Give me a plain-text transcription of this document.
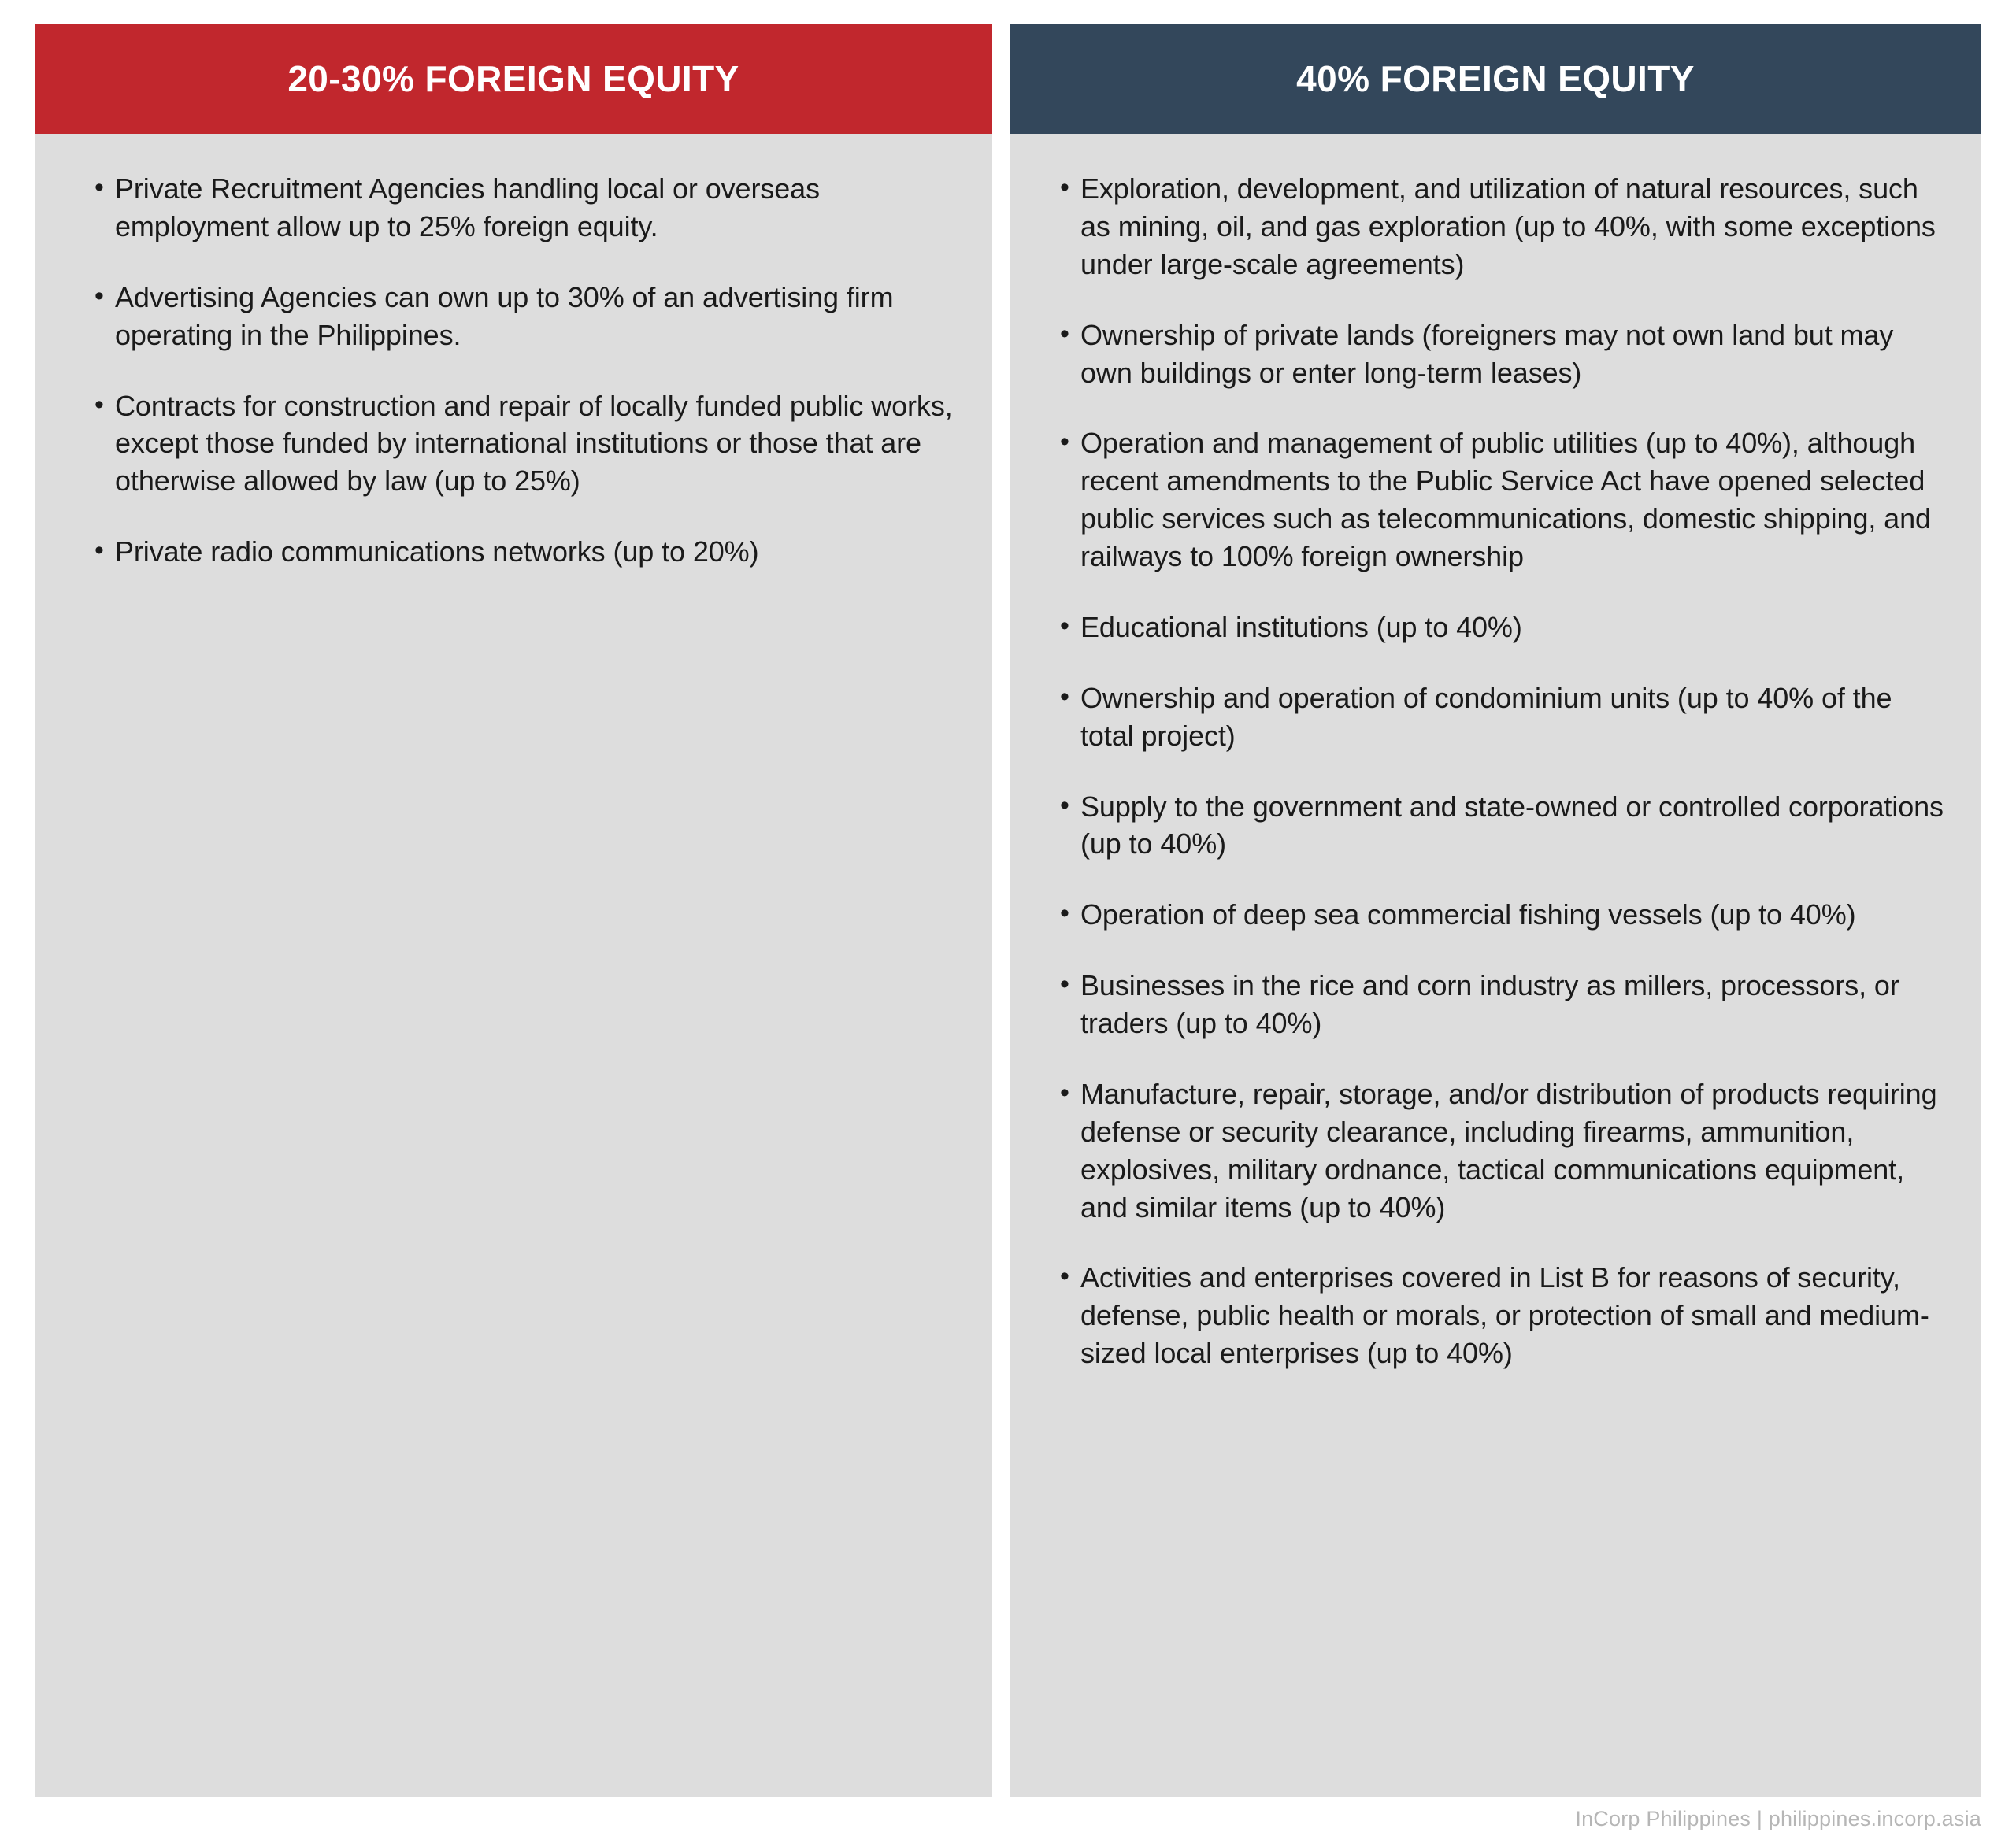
20-30% FOREIGN EQUITY
• Private Recruitment Agencies handling local or overseas employment allow up to 25% foreign equity.
• Advertising Agencies can own up to 30% of an advertising firm operating in the Philippines.
• Contracts for construction and repair of locally funded public works, except those funded by international institutions or those that are otherwise allowed by law (up to 25%)
• Private radio communications networks (up to 20%)
40% FOREIGN EQUITY
• Exploration, development, and utilization of natural resources, such as mining, oil, and gas exploration (up to 40%, with some exceptions under large-scale agreements)
• Ownership of private lands (foreigners may not own land but may own buildings or enter long-term leases)
• Operation and management of public utilities (up to 40%), although recent amendments to the Public Service Act have opened selected public services such as telecommunications, domestic shipping, and railways to 100% foreign ownership
• Educational institutions (up to 40%)
• Ownership and operation of condominium units (up to 40% of the total project)
• Supply to the government and state-owned or controlled corporations (up to 40%)
• Operation of deep sea commercial fishing vessels (up to 40%)
• Businesses in the rice and corn industry as millers, processors, or traders (up to 40%)
• Manufacture, repair, storage, and/or distribution of products requiring defense or security clearance, including firearms, ammunition, explosives, military ordnance, tactical communications equipment, and similar items (up to 40%)
• Activities and enterprises covered in List B for reasons of security, defense, public health or morals, or protection of small and medium-sized local enterprises (up to 40%)
InCorp Philippines | philippines.incorp.asia
